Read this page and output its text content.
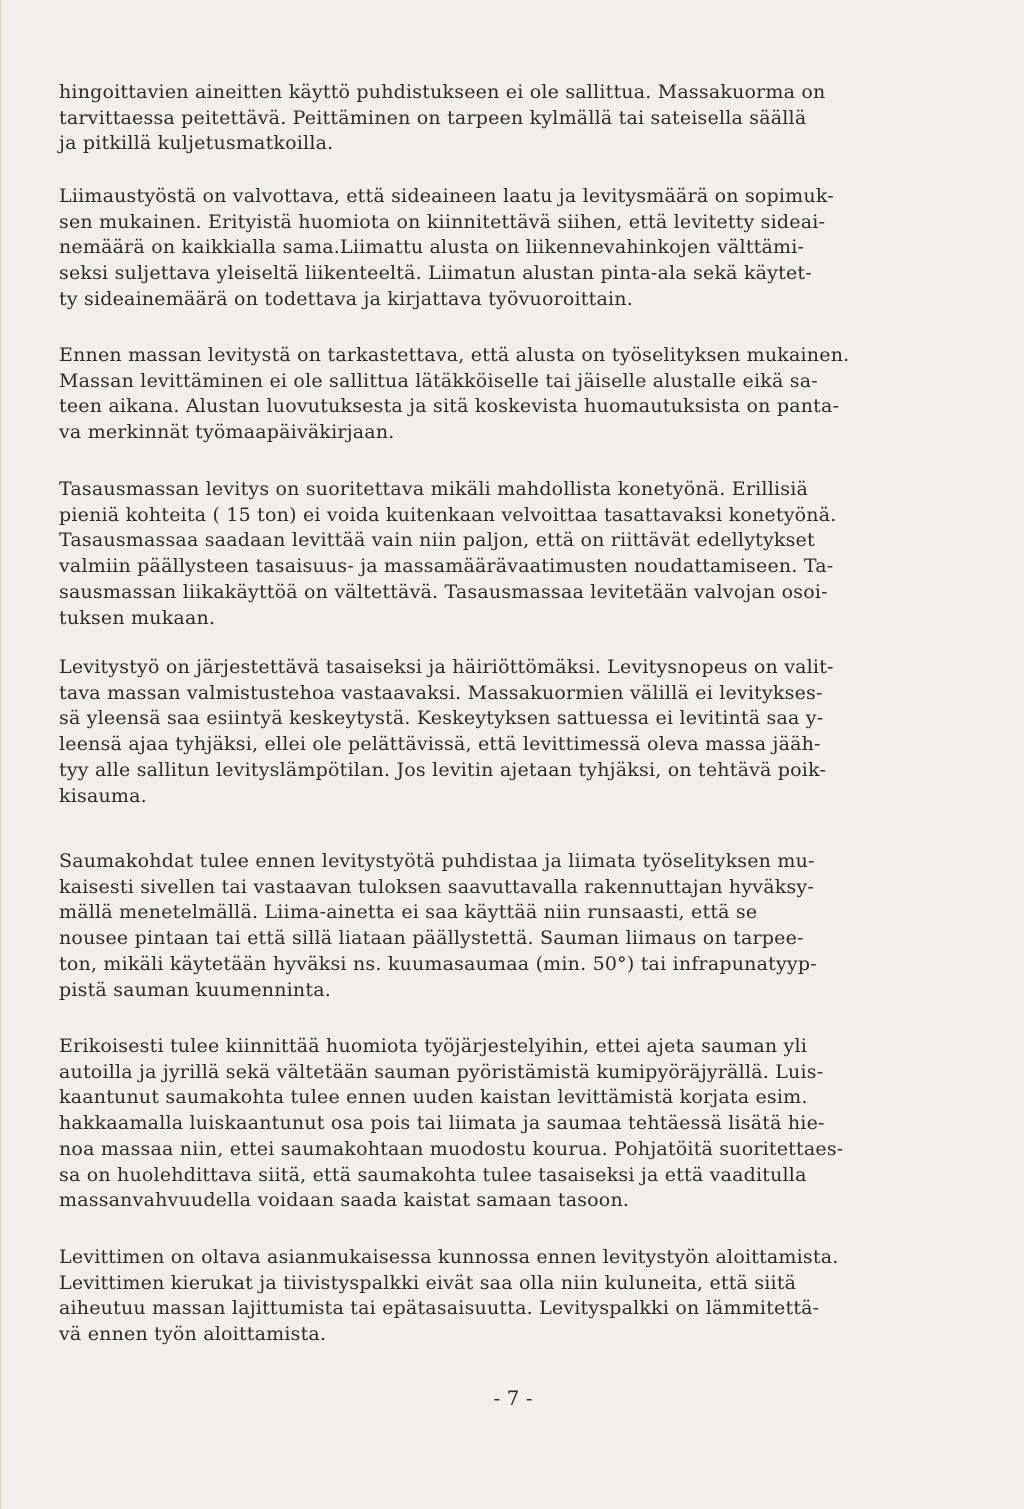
hingoittavien aineitten käyttö puhdistukseen ei ole sallittua. Massakuorma on
tarvittaessa peitettävä. Peittäminen on tarpeen kylmällä tai sateisella säällä
ja pitkillä kuljetusmatkoilla.

Liimaustyöstä on valvottava, että sideaineen laatu ja levitysmäärä on sopimuk-
sen mukainen. Erityistä huomiota on kiinnitettävä siihen, että levitetty sideai-
nemäärä on kaikkialla sama.Liimattu alusta on liikennevahinkojen välttämi-
seksi suljettava yleiseltä liikenteeltä. Liimatun alustan pinta-ala sekä käytet-
ty sideainemäärä on todettava ja kirjattava työvuoroittain.

Ennen massan levitystä on tarkastettava, että alusta on työselityksen mukainen.
Massan levittäminen ei ole sallittua lätäkköiselle tai jäiselle alustalle eikä sa-
teen aikana. Alustan luovutuksesta ja sitä koskevista huomautuksista on panta-
va merkinnät työmaapäiväkirjaan.

Tasausmassan levitys on suoritettava mikäli mahdollista konetyönä. Erillisiä
pieniä kohteita ( 15 ton) ei voida kuitenkaan velvoittaa tasattavaksi konetyönä.
Tasausmassaa saadaan levittää vain niin paljon, että on riittävät edellytykset
valmiin päällysteen tasaisuus- ja massamäärävaatimusten noudattamiseen. Ta-
sausmassan liikakäyttöä on vältettävä. Tasausmassaa levitetään valvojan osoi-
tuksen mukaan.

Levitystyö on järjestettävä tasaiseksi ja häiriöttömäksi. Levitysnopeus on valit-
tava massan valmistustehoa vastaavaksi. Massakuormien välillä ei levitykses-
sä yleensä saa esiintyä keskeytystä. Keskeytyksen sattuessa ei levitintä saa y-
leensä ajaa tyhjäksi, ellei ole pelättävissä, että levittimessä oleva massa jääh-
tyy alle sallitun levityslämpötilan. Jos levitin ajetaan tyhjäksi, on tehtävä poik-
kisauma.

Saumakohdat tulee ennen levitystyötä puhdistaa ja liimata työselityksen mu-
kaisesti sivellen tai vastaavan tuloksen saavuttavalla rakennuttajan hyväksy-
mällä menetelmällä. Liima-ainetta ei saa käyttää niin runsaasti, että se
nousee pintaan tai että sillä liataan päällystettä. Sauman liimaus on tarpee-
ton, mikäli käytetään hyväksi ns. kuumasaumaa (min. 50°) tai infrapunatyyp-
pistä sauman kuumenninta.

Erikoisesti tulee kiinnittää huomiota työjärjestelyihin, ettei ajeta sauman yli
autoilla ja jyrillä sekä vältetään sauman pyöristämistä kumipyöräjyrällä. Luis-
kaantunut saumakohta tulee ennen uuden kaistan levittämistä korjata esim.
hakkaamalla luiskaantunut osa pois tai liimata ja saumaa tehtäessä lisätä hie-
noa massaa niin, ettei saumakohtaan muodostu kourua. Pohjatöitä suoritettaes-
sa on huolehdittava siitä, että saumakohta tulee tasaiseksi ja että vaaditulla
massanvahvuudella voidaan saada kaistat samaan tasoon.

Levittimen on oltava asianmukaisessa kunnossa ennen levitystyön aloittamista.
Levittimen kierukat ja tiivistyspalkki eivät saa olla niin kuluneita, että siitä
aiheutuu massan lajittumista tai epätasaisuutta. Levityspalkki on lämmitettä-
vä ennen työn aloittamista.

- 7 -
